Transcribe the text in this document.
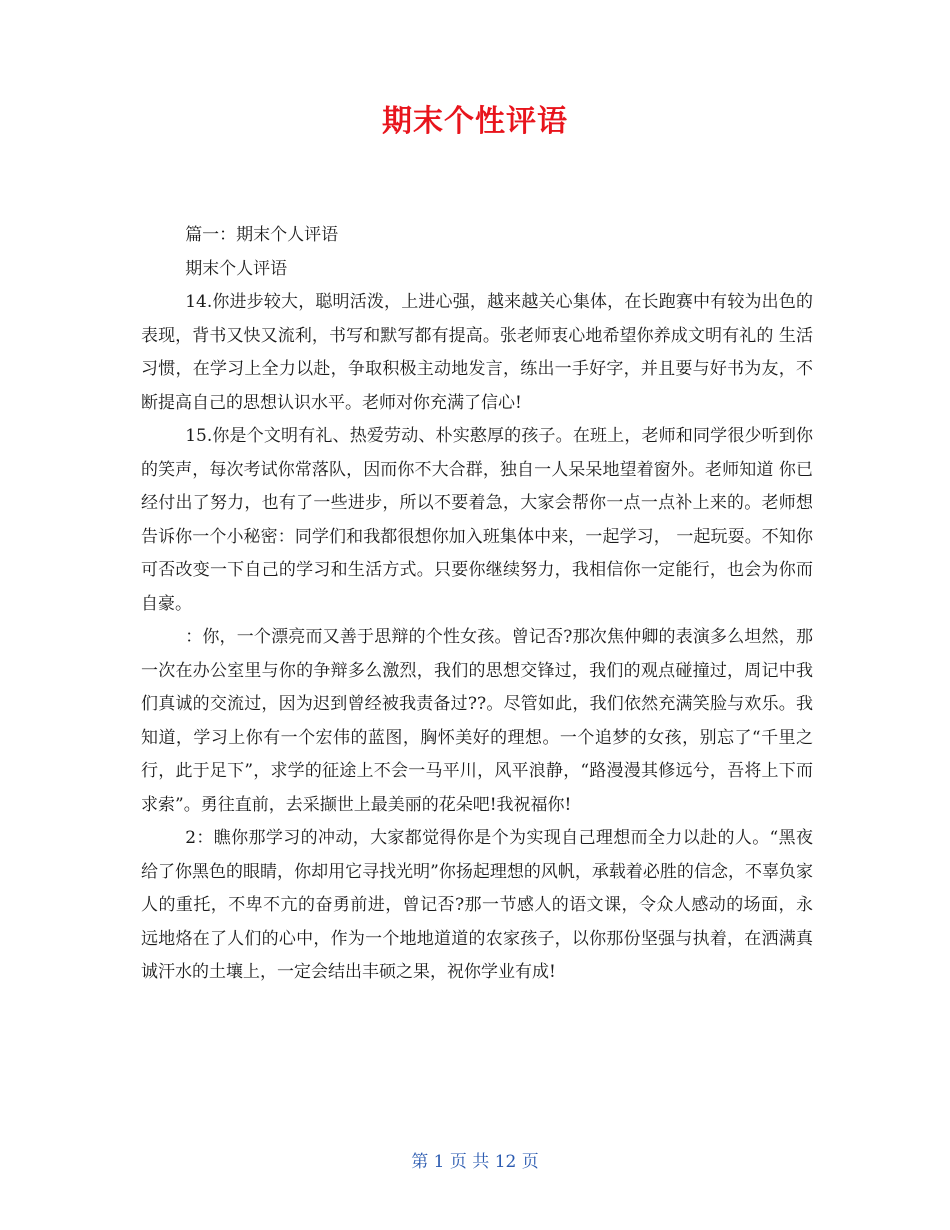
期末个性评语

篇一：期末个人评语

期末个人评语

14.你进步较大，聪明活泼，上进心强，越来越关心集体，在长跑赛中有较为出色的表现，背书又快又流利，书写和默写都有提高。张老师衷心地希望你养成文明有礼的 生活习惯，在学习上全力以赴，争取积极主动地发言，练出一手好字，并且要与好书为友，不断提高自己的思想认识水平。老师对你充满了信心!

15.你是个文明有礼、热爱劳动、朴实憨厚的孩子。在班上，老师和同学很少听到你的笑声，每次考试你常落队，因而你不大合群，独自一人呆呆地望着窗外。老师知道 你已经付出了努力，也有了一些进步，所以不要着急，大家会帮你一点一点补上来的。老师想告诉你一个小秘密：同学们和我都很想你加入班集体中来，一起学习， 一起玩耍。不知你可否改变一下自己的学习和生活方式。只要你继续努力，我相信你一定能行，也会为你而自豪。

：你，一个漂亮而又善于思辩的个性女孩。曾记否?那次焦仲卿的表演多么坦然，那一次在办公室里与你的争辩多么激烈，我们的思想交锋过，我们的观点碰撞过，周记中我们真诚的交流过，因为迟到曾经被我责备过??。尽管如此，我们依然充满笑脸与欢乐。我知道，学习上你有一个宏伟的蓝图，胸怀美好的理想。一个追梦的女孩，别忘了“千里之行，此于足下”，求学的征途上不会一马平川，风平浪静，“路漫漫其修远兮，吾将上下而求索”。勇往直前，去采撷世上最美丽的花朵吧!我祝福你!

2：瞧你那学习的冲动，大家都觉得你是个为实现自己理想而全力以赴的人。“黑夜给了你黑色的眼睛，你却用它寻找光明”你扬起理想的风帆，承载着必胜的信念，不辜负家人的重托，不卑不亢的奋勇前进，曾记否?那一节感人的语文课，令众人感动的场面，永远地烙在了人们的心中，作为一个地地道道的农家孩子，以你那份坚强与执着，在洒满真诚汗水的土壤上，一定会结出丰硕之果，祝你学业有成!

第 1 页 共 12 页
